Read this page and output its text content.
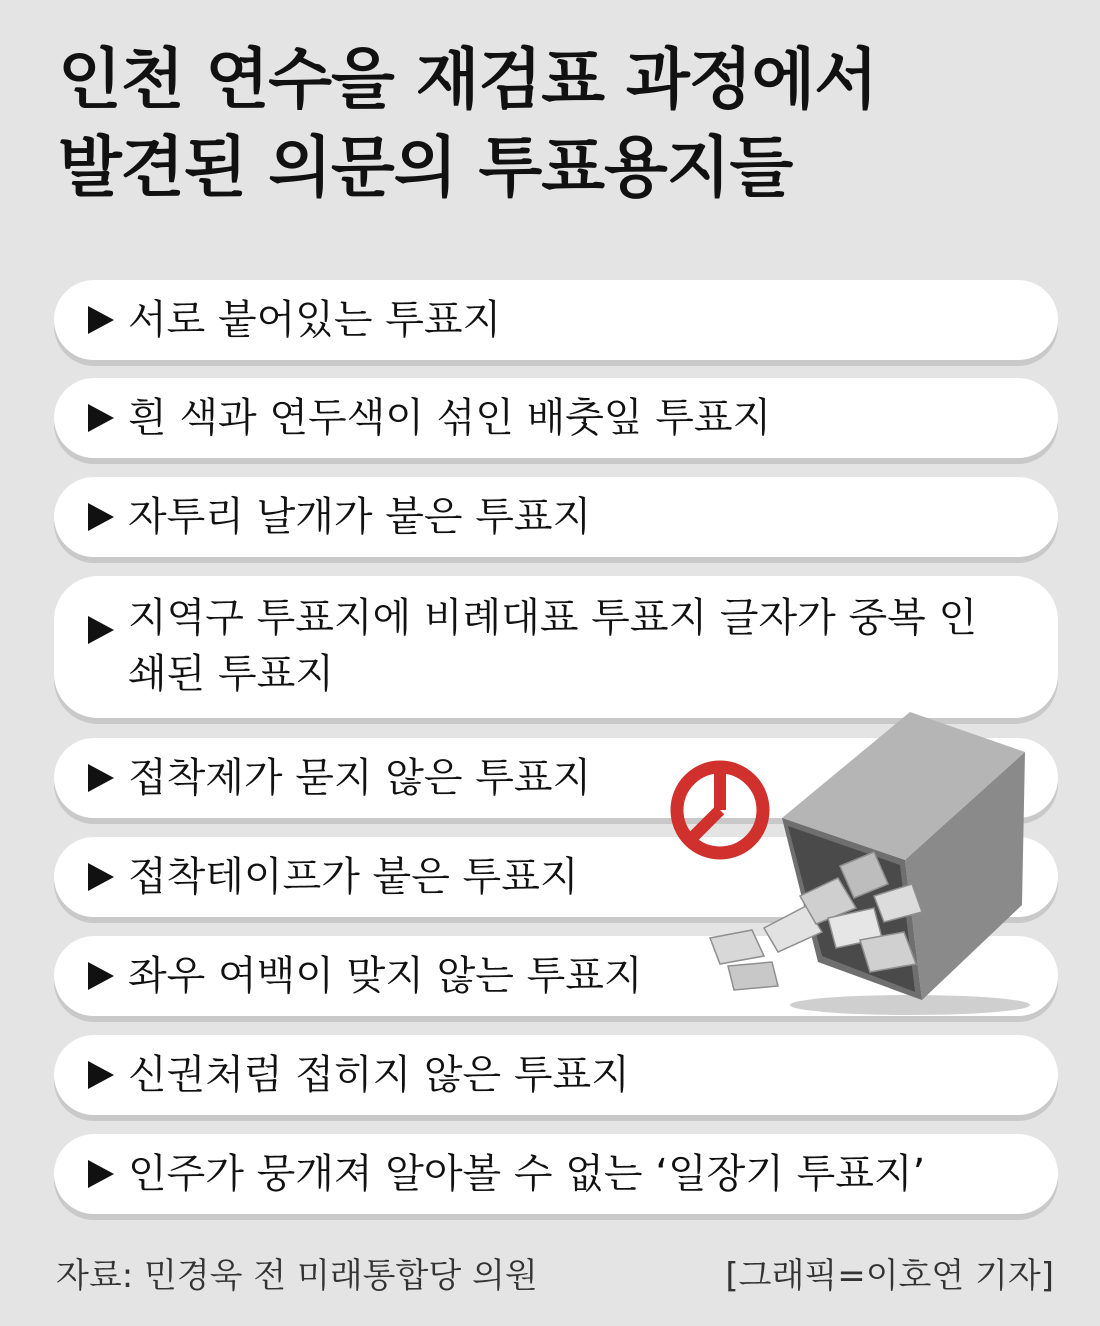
인천 연수을 재검표 과정에서
발견된 의문의 투표용지들
서로 붙어있는 투표지
흰 색과 연두색이 섞인 배춧잎 투표지
자투리 날개가 붙은 투표지
지역구 투표지에 비례대표 투표지 글자가 중복 인쇄된 투표지
접착제가 묻지 않은 투표지
접착테이프가 붙은 투표지
좌우 여백이 맞지 않는 투표지
신권처럼 접히지 않은 투표지
인주가 뭉개져 알아볼 수 없는 ‘일장기 투표지’
자료: 민경욱 전 미래통합당 의원	[그래픽=이호연 기자]
